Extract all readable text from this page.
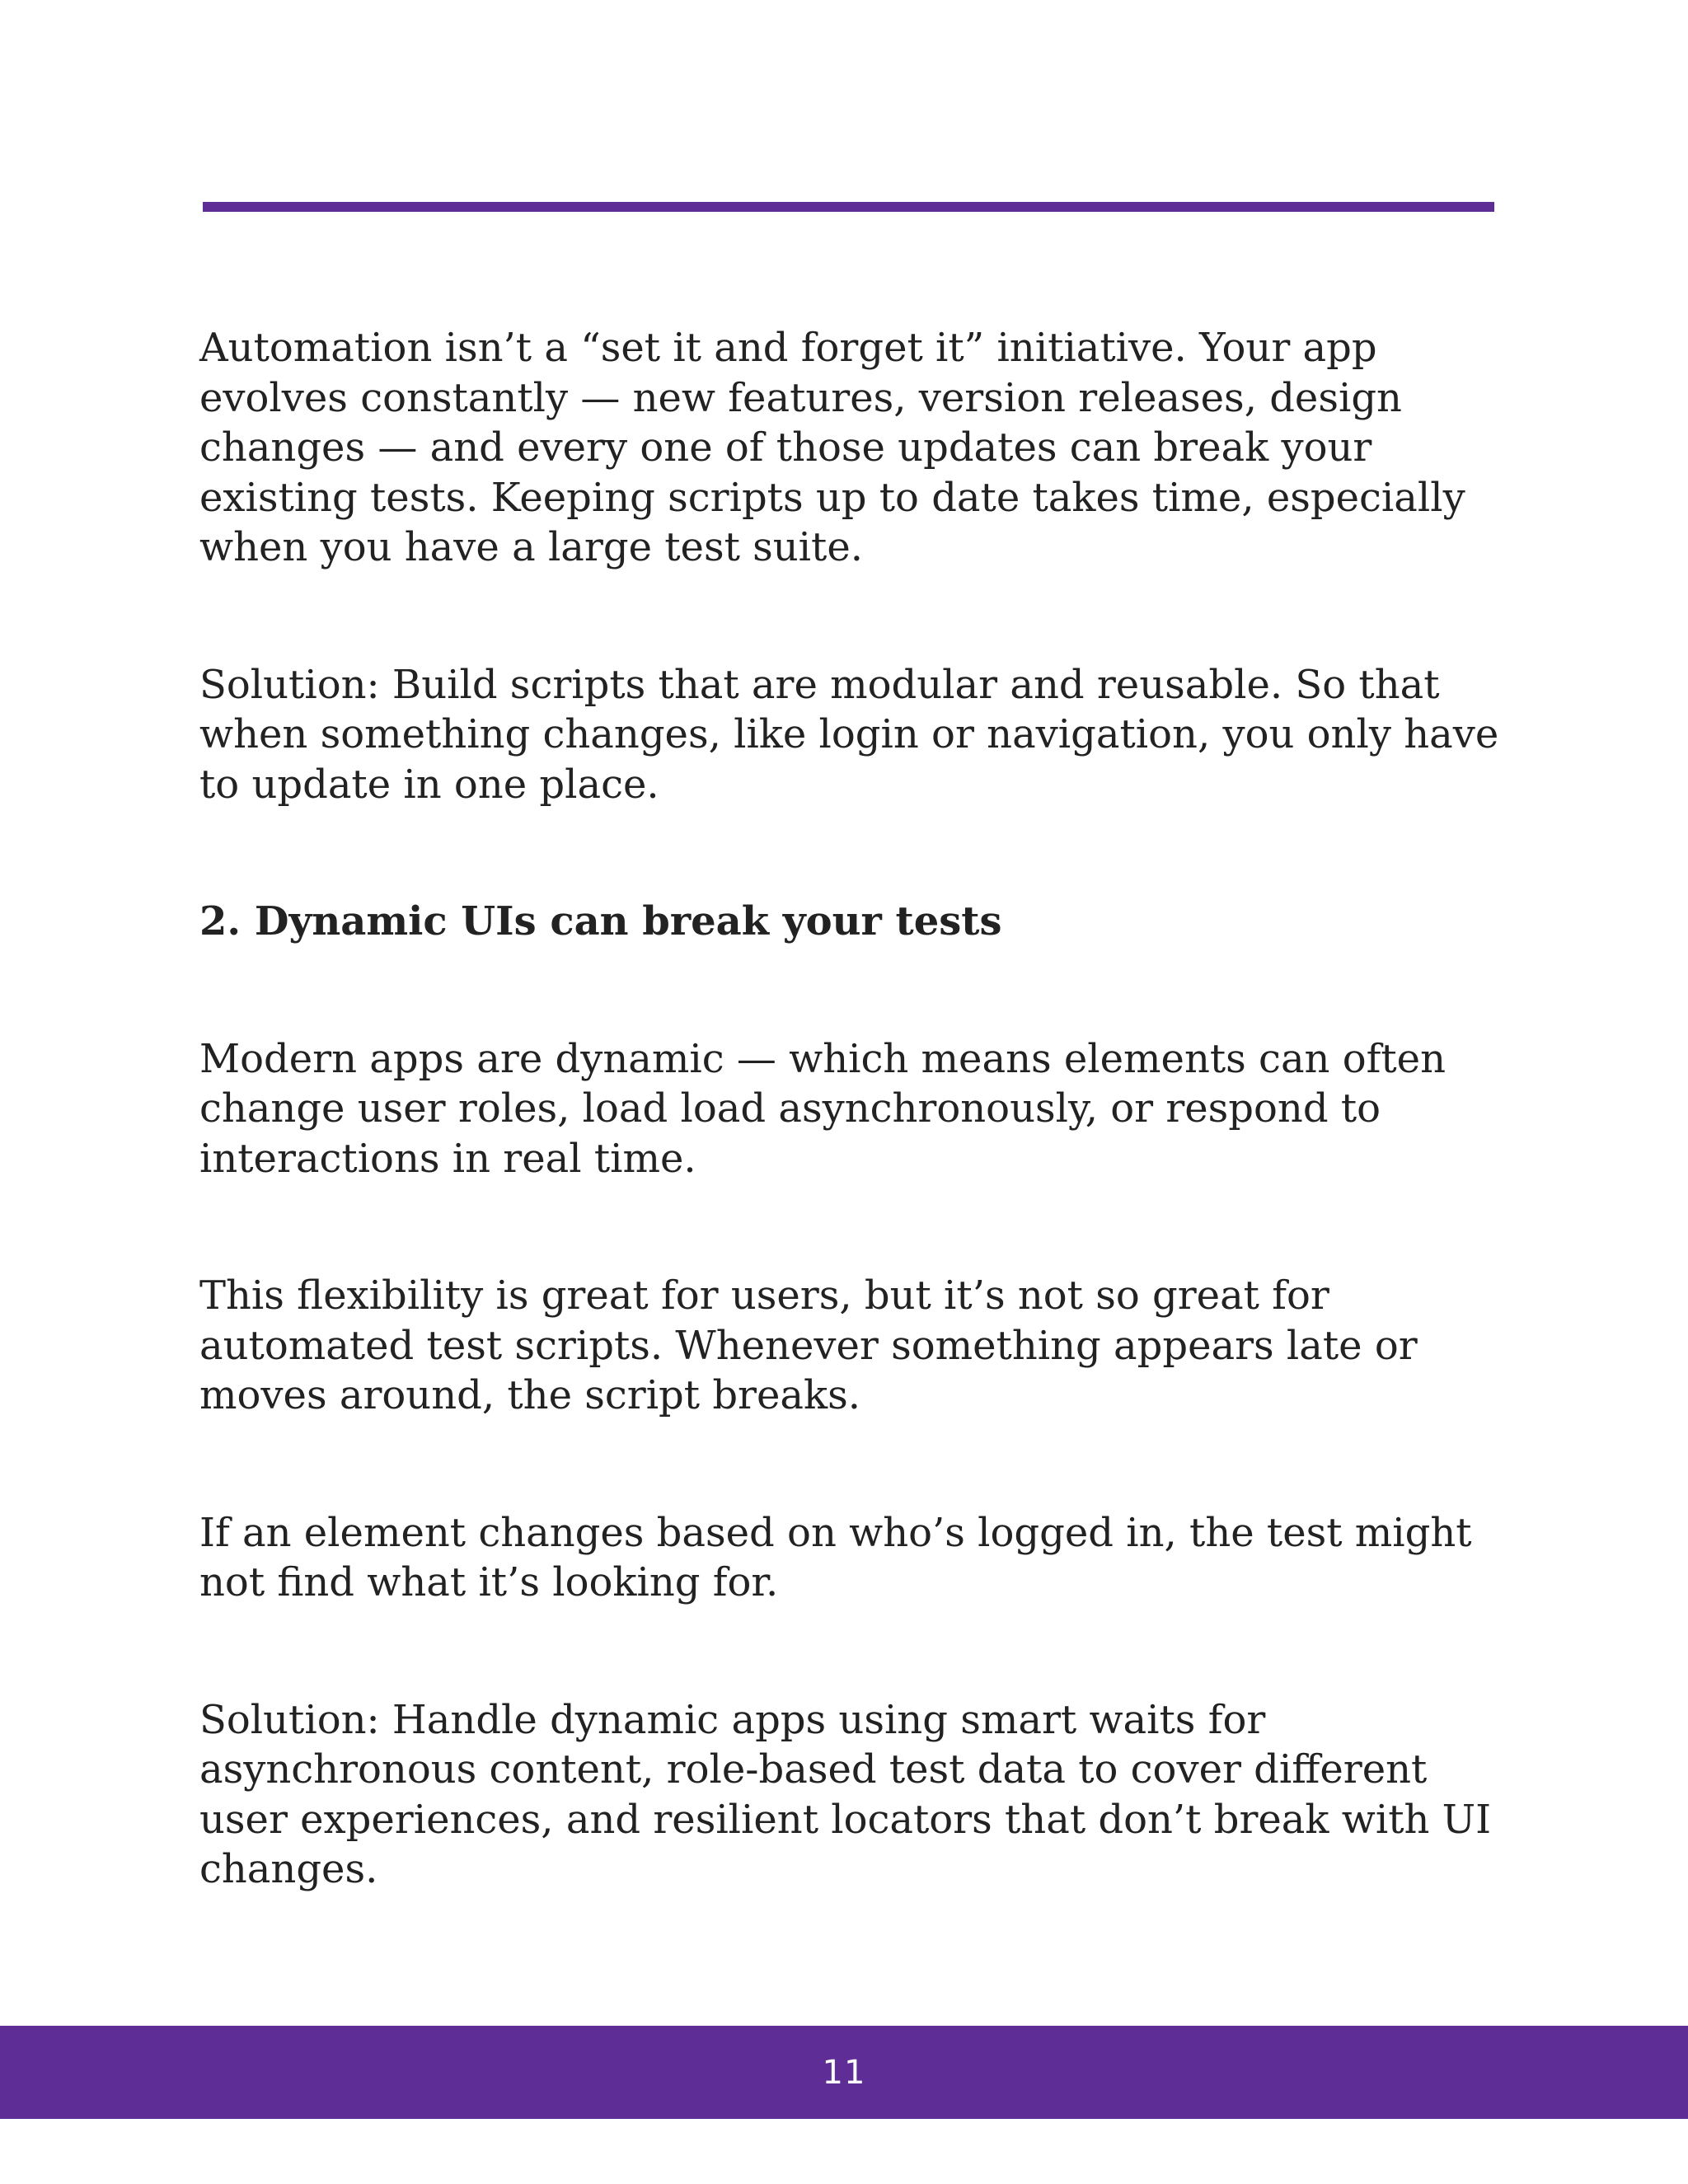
Automation isn’t a “set it and forget it” initiative. Your app evolves constantly — new features, version releases, design changes — and every one of those updates can break your existing tests. Keeping scripts up to date takes time, especially when you have a large test suite.

Solution: Build scripts that are modular and reusable. So that when something changes, like login or navigation, you only have to update in one place.

2. Dynamic UIs can break your tests

Modern apps are dynamic — which means elements can often change user roles, load load asynchronously, or respond to interactions in real time.

This flexibility is great for users, but it’s not so great for automated test scripts. Whenever something appears late or moves around, the script breaks.

If an element changes based on who’s logged in, the test might not find what it’s looking for.

Solution: Handle dynamic apps using smart waits for asynchronous content, role-based test data to cover different user experiences, and resilient locators that don’t break with UI changes.

11
